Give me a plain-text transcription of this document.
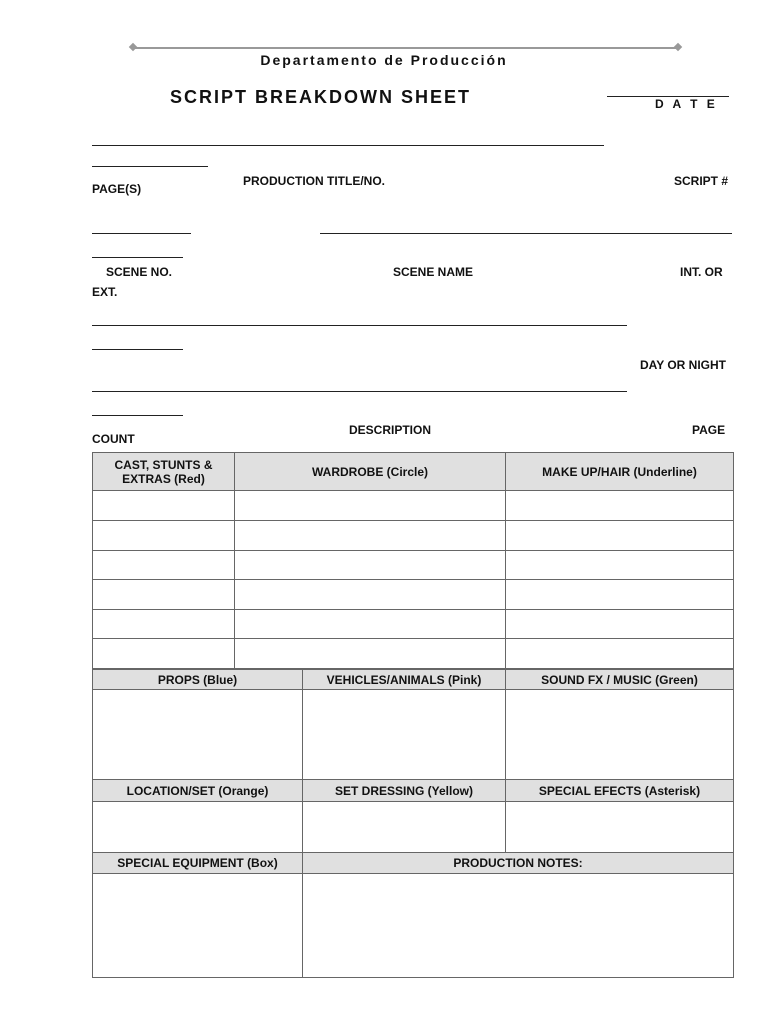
Departamento de Producción
SCRIPT BREAKDOWN SHEET	D A T E
PAGE(S)
PRODUCTION TITLE/NO.	SCRIPT #
SCENE NO.	SCENE NAME	INT. OR
EXT.
DAY OR NIGHT
COUNT
DESCRIPTION	PAGE
CAST, STUNTS &
EXTRAS (Red)	WARDROBE (Circle)	MAKE UP/HAIR (Underline)

PROPS (Blue)	VEHICLES/ANIMALS (Pink)	SOUND FX / MUSIC (Green)

LOCATION/SET (Orange)	SET DRESSING (Yellow)	SPECIAL EFECTS (Asterisk)

SPECIAL EQUIPMENT (Box)	PRODUCTION NOTES:	
